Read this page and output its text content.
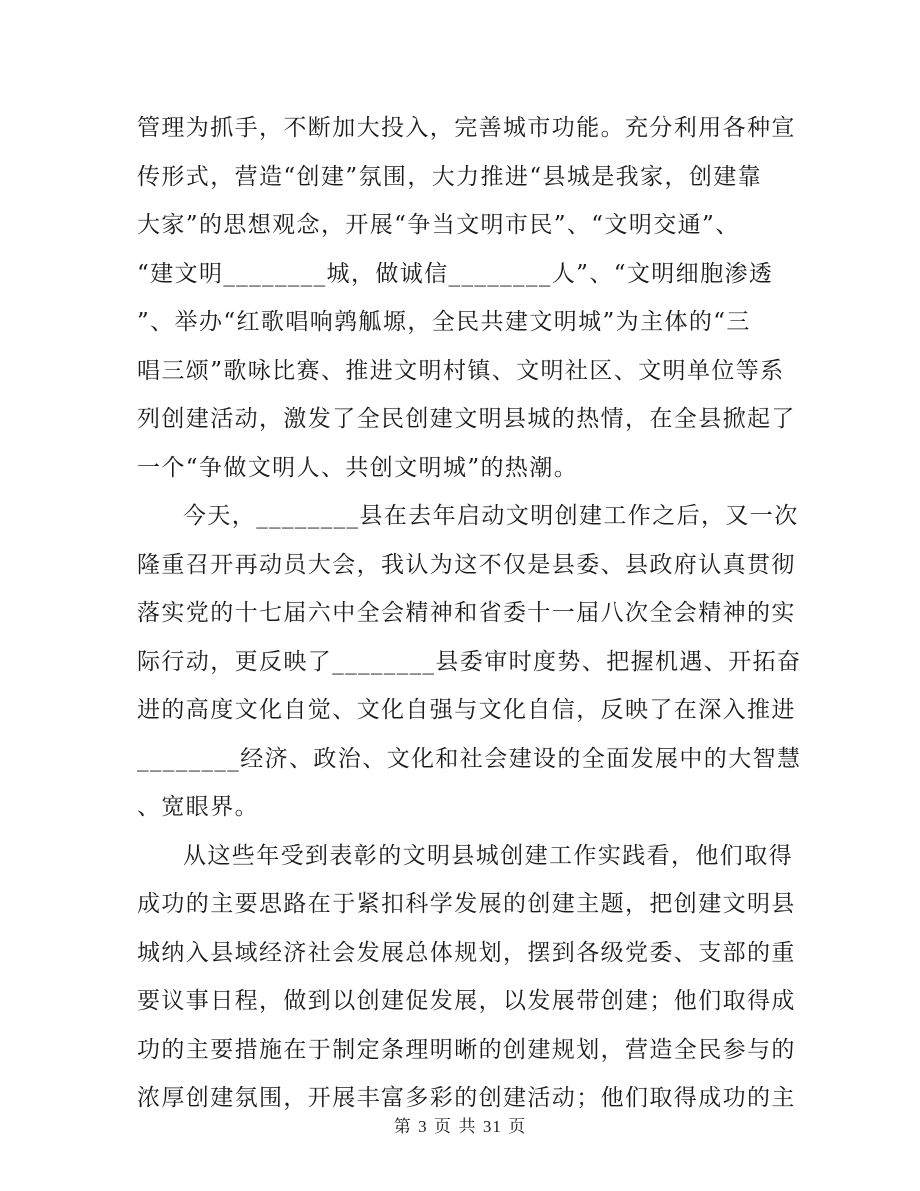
管理为抓手，不断加大投入，完善城市功能。充分利用各种宣
传形式，营造“创建”氛围，大力推进“县城是我家，创建靠
大家”的思想观念，开展“争当文明市民”、“文明交通”、
“建文明________城，做诚信________人”、“文明细胞渗透
”、举办“红歌唱响鹑觚塬，全民共建文明城”为主体的“三
唱三颂”歌咏比赛、推进文明村镇、文明社区、文明单位等系
列创建活动，激发了全民创建文明县城的热情，在全县掀起了
一个“争做文明人、共创文明城”的热潮。
今天，________县在去年启动文明创建工作之后，又一次
隆重召开再动员大会，我认为这不仅是县委、县政府认真贯彻
落实党的十七届六中全会精神和省委十一届八次全会精神的实
际行动，更反映了________县委审时度势、把握机遇、开拓奋
进的高度文化自觉、文化自强与文化自信，反映了在深入推进
________经济、政治、文化和社会建设的全面发展中的大智慧
、宽眼界。
从这些年受到表彰的文明县城创建工作实践看，他们取得
成功的主要思路在于紧扣科学发展的创建主题，把创建文明县
城纳入县域经济社会发展总体规划，摆到各级党委、支部的重
要议事日程，做到以创建促发展，以发展带创建；他们取得成
功的主要措施在于制定条理明晰的创建规划，营造全民参与的
浓厚创建氛围，开展丰富多彩的创建活动；他们取得成功的主
第 3 页 共 31 页
